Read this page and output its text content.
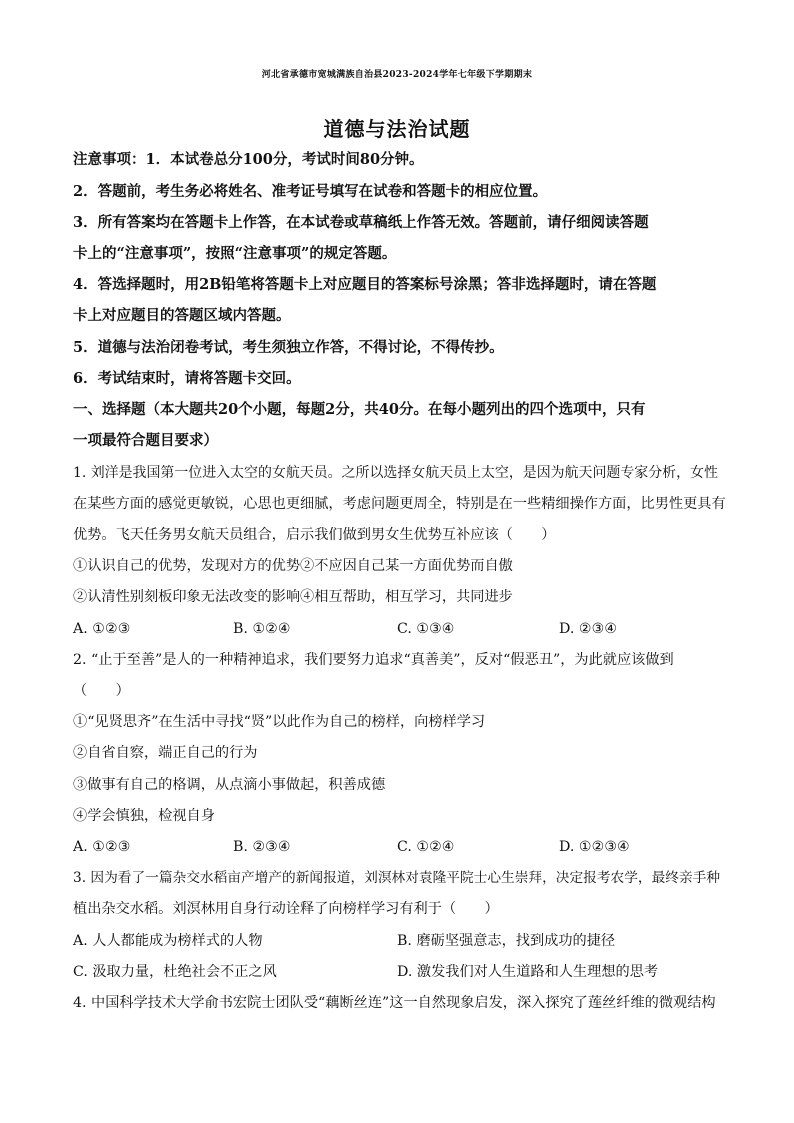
河北省承德市宽城满族自治县2023-2024学年七年级下学期期末
道德与法治试题
注意事项：1．本试卷总分100分，考试时间80分钟。
2．答题前，考生务必将姓名、准考证号填写在试卷和答题卡的相应位置。
3．所有答案均在答题卡上作答，在本试卷或草稿纸上作答无效。答题前，请仔细阅读答题
卡上的“注意事项”，按照“注意事项”的规定答题。
4．答选择题时，用2B铅笔将答题卡上对应题目的答案标号涂黑；答非选择题时，请在答题
卡上对应题目的答题区域内答题。
5．道德与法治闭卷考试，考生须独立作答，不得讨论，不得传抄。
6．考试结束时，请将答题卡交回。
一、选择题（本大题共20个小题，每题2分，共40分。在每小题列出的四个选项中，只有
一项最符合题目要求）
1. 刘洋是我国第一位进入太空的女航天员。之所以选择女航天员上太空，是因为航天问题专家分析，女性
在某些方面的感觉更敏锐，心思也更细腻，考虑问题更周全，特别是在一些精细操作方面，比男性更具有
优势。飞天任务男女航天员组合，启示我们做到男女生优势互补应该（　　）
①认识自己的优势，发现对方的优势②不应因自己某一方面优势而自傲
②认清性别刻板印象无法改变的影响④相互帮助，相互学习，共同进步
A. ①②③	B. ①②④	C. ①③④	D. ②③④
2. “止于至善”是人的一种精神追求，我们要努力追求“真善美”，反对“假恶丑”，为此就应该做到
（　　）
①“见贤思齐”在生活中寻找“贤”以此作为自己的榜样，向榜样学习
②自省自察，端正自己的行为
③做事有自己的格调，从点滴小事做起，积善成德
④学会慎独，检视自身
A. ①②③	B. ②③④	C. ①②④	D. ①②③④
3. 因为看了一篇杂交水稻亩产增产的新闻报道，刘溟林对袁隆平院士心生崇拜，决定报考农学，最终亲手种
植出杂交水稻。刘溟林用自身行动诠释了向榜样学习有利于（　　）
A. 人人都能成为榜样式的人物	B. 磨砺坚强意志，找到成功的捷径
C. 汲取力量，杜绝社会不正之风	D. 激发我们对人生道路和人生理想的思考
4. 中国科学技术大学俞书宏院士团队受“藕断丝连”这一自然现象启发，深入探究了莲丝纤维的微观结构
